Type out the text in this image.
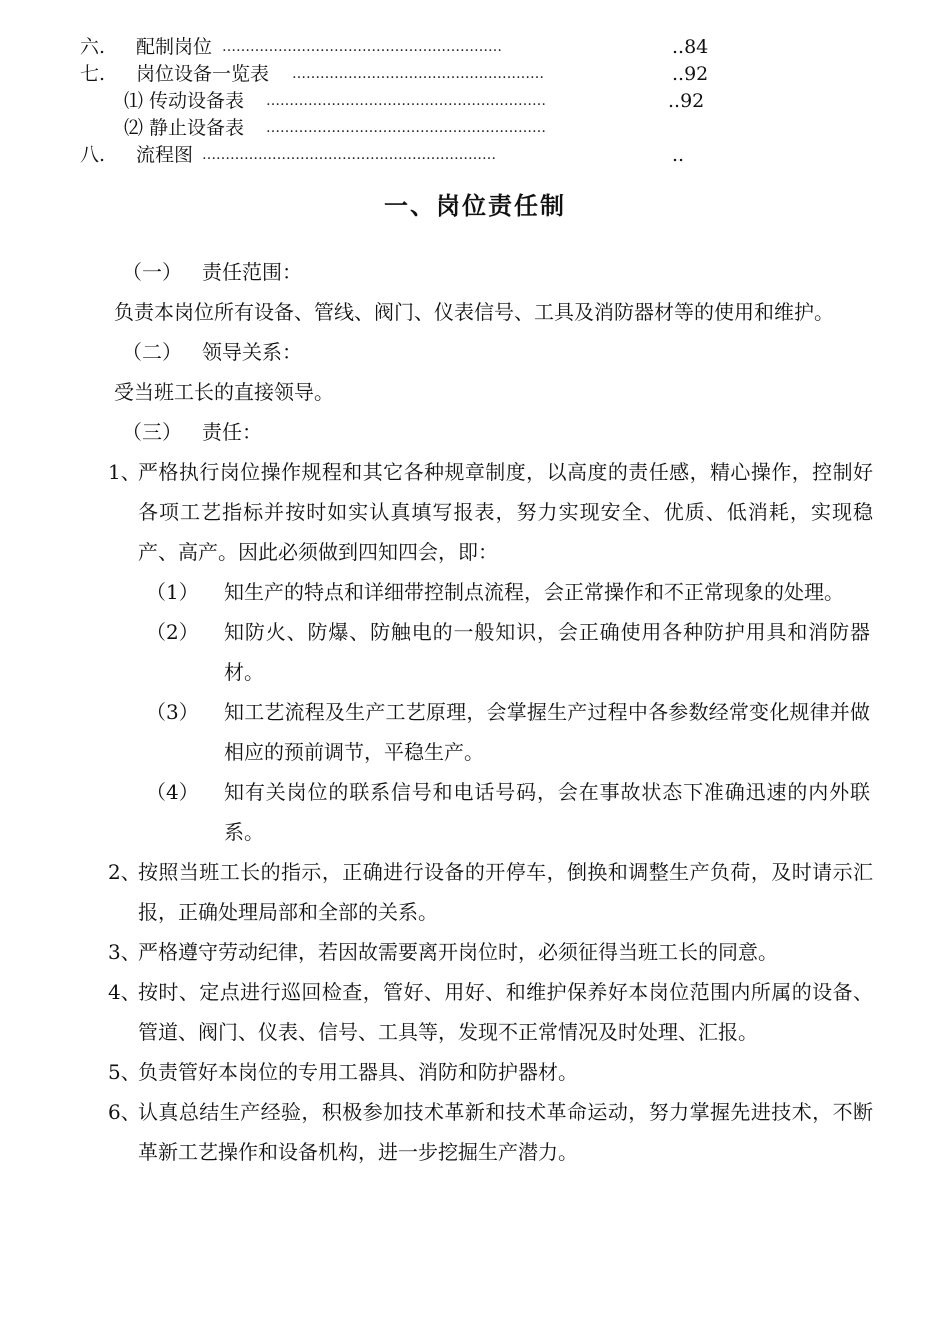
六. 配制岗位 ……………………………………………………	..84
七. 岗位设备一览表 ………………………………………………	..92
⑴ 传动设备表 ……………………………………………………	..92
⑵ 静止设备表 ……………………………………………………
八. 流程图 ………………………………………………………	..
一、岗位责任制
（一） 责任范围：
负责本岗位所有设备、管线、阀门、仪表信号、工具及消防器材等的使用和维护。
（二） 领导关系：
受当班工长的直接领导。
（三） 责任：
1、
严格执行岗位操作规程和其它各种规章制度，以高度的责任感，精心操作，控制好各项工艺指标并按时如实认真填写报表，努力实现安全、优质、低消耗，实现稳产、高产。因此必须做到四知四会，即：
（1） 知生产的特点和详细带控制点流程，会正常操作和不正常现象的处理。
（2） 知防火、防爆、防触电的一般知识，会正确使用各种防护用具和消防器材。
（3） 知工艺流程及生产工艺原理，会掌握生产过程中各参数经常变化规律并做相应的预前调节，平稳生产。
（4） 知有关岗位的联系信号和电话号码，会在事故状态下准确迅速的内外联系。
2、
按照当班工长的指示，正确进行设备的开停车，倒换和调整生产负荷，及时请示汇报，正确处理局部和全部的关系。
3、
严格遵守劳动纪律，若因故需要离开岗位时，必须征得当班工长的同意。
4、
按时、定点进行巡回检查，管好、用好、和维护保养好本岗位范围内所属的设备、管道、阀门、仪表、信号、工具等，发现不正常情况及时处理、汇报。
5、
负责管好本岗位的专用工器具、消防和防护器材。
6、
认真总结生产经验，积极参加技术革新和技术革命运动，努力掌握先进技术，不断革新工艺操作和设备机构，进一步挖掘生产潜力。
